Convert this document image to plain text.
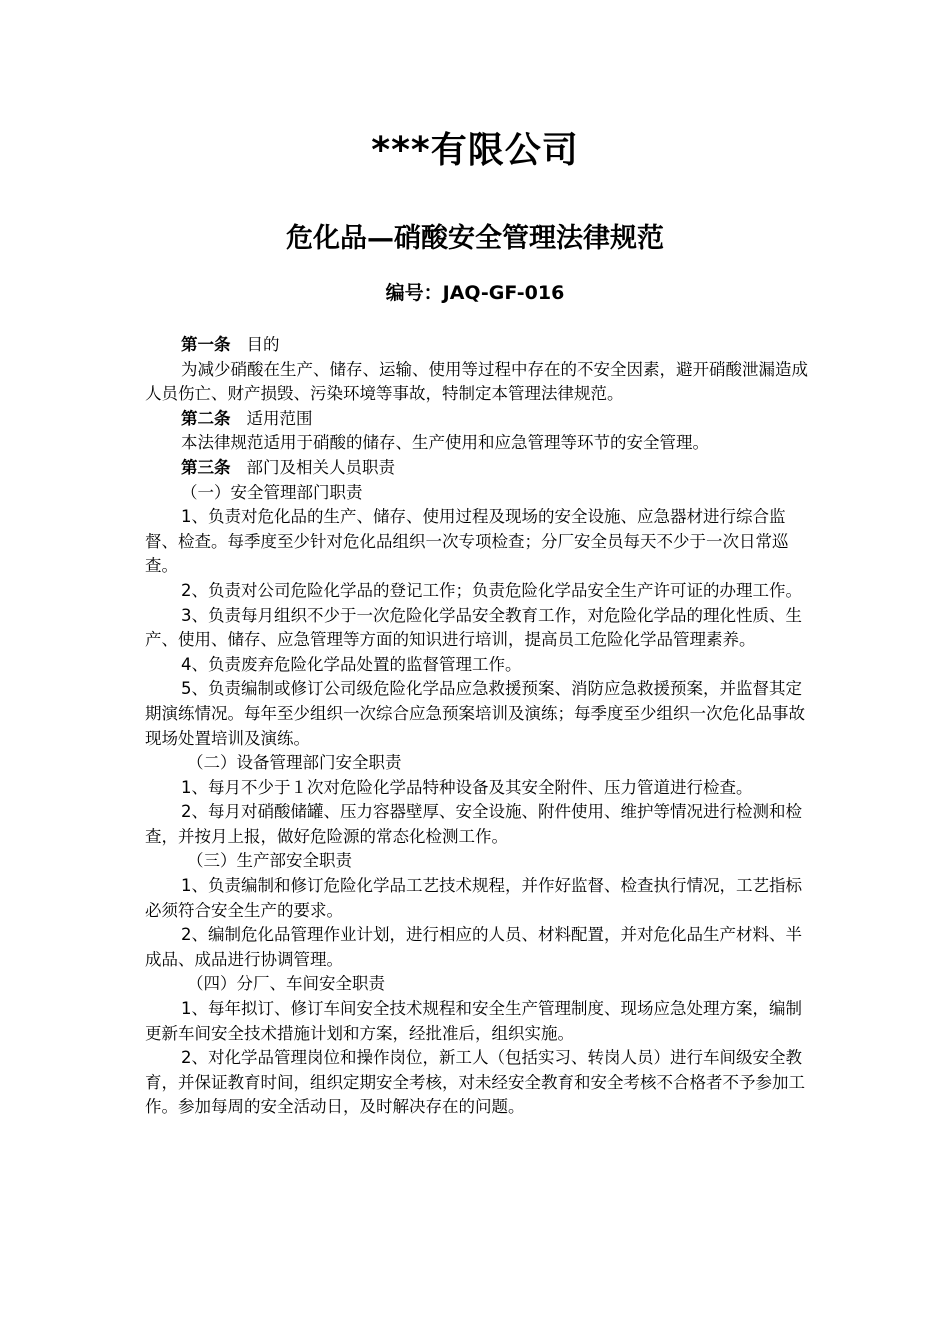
***有限公司
危化品—硝酸安全管理法律规范
编号：JAQ-GF-016

第一条 目的

为减少硝酸在生产、储存、运输、使用等过程中存在的不安全因素，避开硝酸泄漏造成人员伤亡、财产损毁、污染环境等事故，特制定本管理法律规范。

第二条 适用范围

本法律规范适用于硝酸的储存、生产使用和应急管理等环节的安全管理。

第三条 部门及相关人员职责

（一）安全管理部门职责

1、负责对危化品的生产、储存、使用过程及现场的安全设施、应急器材进行综合监督、检查。每季度至少针对危化品组织一次专项检查；分厂安全员每天不少于一次日常巡查。

2、负责对公司危险化学品的登记工作；负责危险化学品安全生产许可证的办理工作。

3、负责每月组织不少于一次危险化学品安全教育工作，对危险化学品的理化性质、生产、使用、储存、应急管理等方面的知识进行培训，提高员工危险化学品管理素养。

4、负责废弃危险化学品处置的监督管理工作。

5、负责编制或修订公司级危险化学品应急救援预案、消防应急救援预案，并监督其定期演练情况。每年至少组织一次综合应急预案培训及演练；每季度至少组织一次危化品事故现场处置培训及演练。

（二）设备管理部门安全职责

1、每月不少于１次对危险化学品特种设备及其安全附件、压力管道进行检查。

2、每月对硝酸储罐、压力容器壁厚、安全设施、附件使用、维护等情况进行检测和检查，并按月上报，做好危险源的常态化检测工作。

（三）生产部安全职责

1、负责编制和修订危险化学品工艺技术规程，并作好监督、检查执行情况，工艺指标必须符合安全生产的要求。

2、编制危化品管理作业计划，进行相应的人员、材料配置，并对危化品生产材料、半成品、成品进行协调管理。

（四）分厂、车间安全职责

1、每年拟订、修订车间安全技术规程和安全生产管理制度、现场应急处理方案，编制更新车间安全技术措施计划和方案，经批准后，组织实施。

2、对化学品管理岗位和操作岗位，新工人（包括实习、转岗人员）进行车间级安全教育，并保证教育时间，组织定期安全考核，对未经安全教育和安全考核不合格者不予参加工作。参加每周的安全活动日，及时解决存在的问题。
